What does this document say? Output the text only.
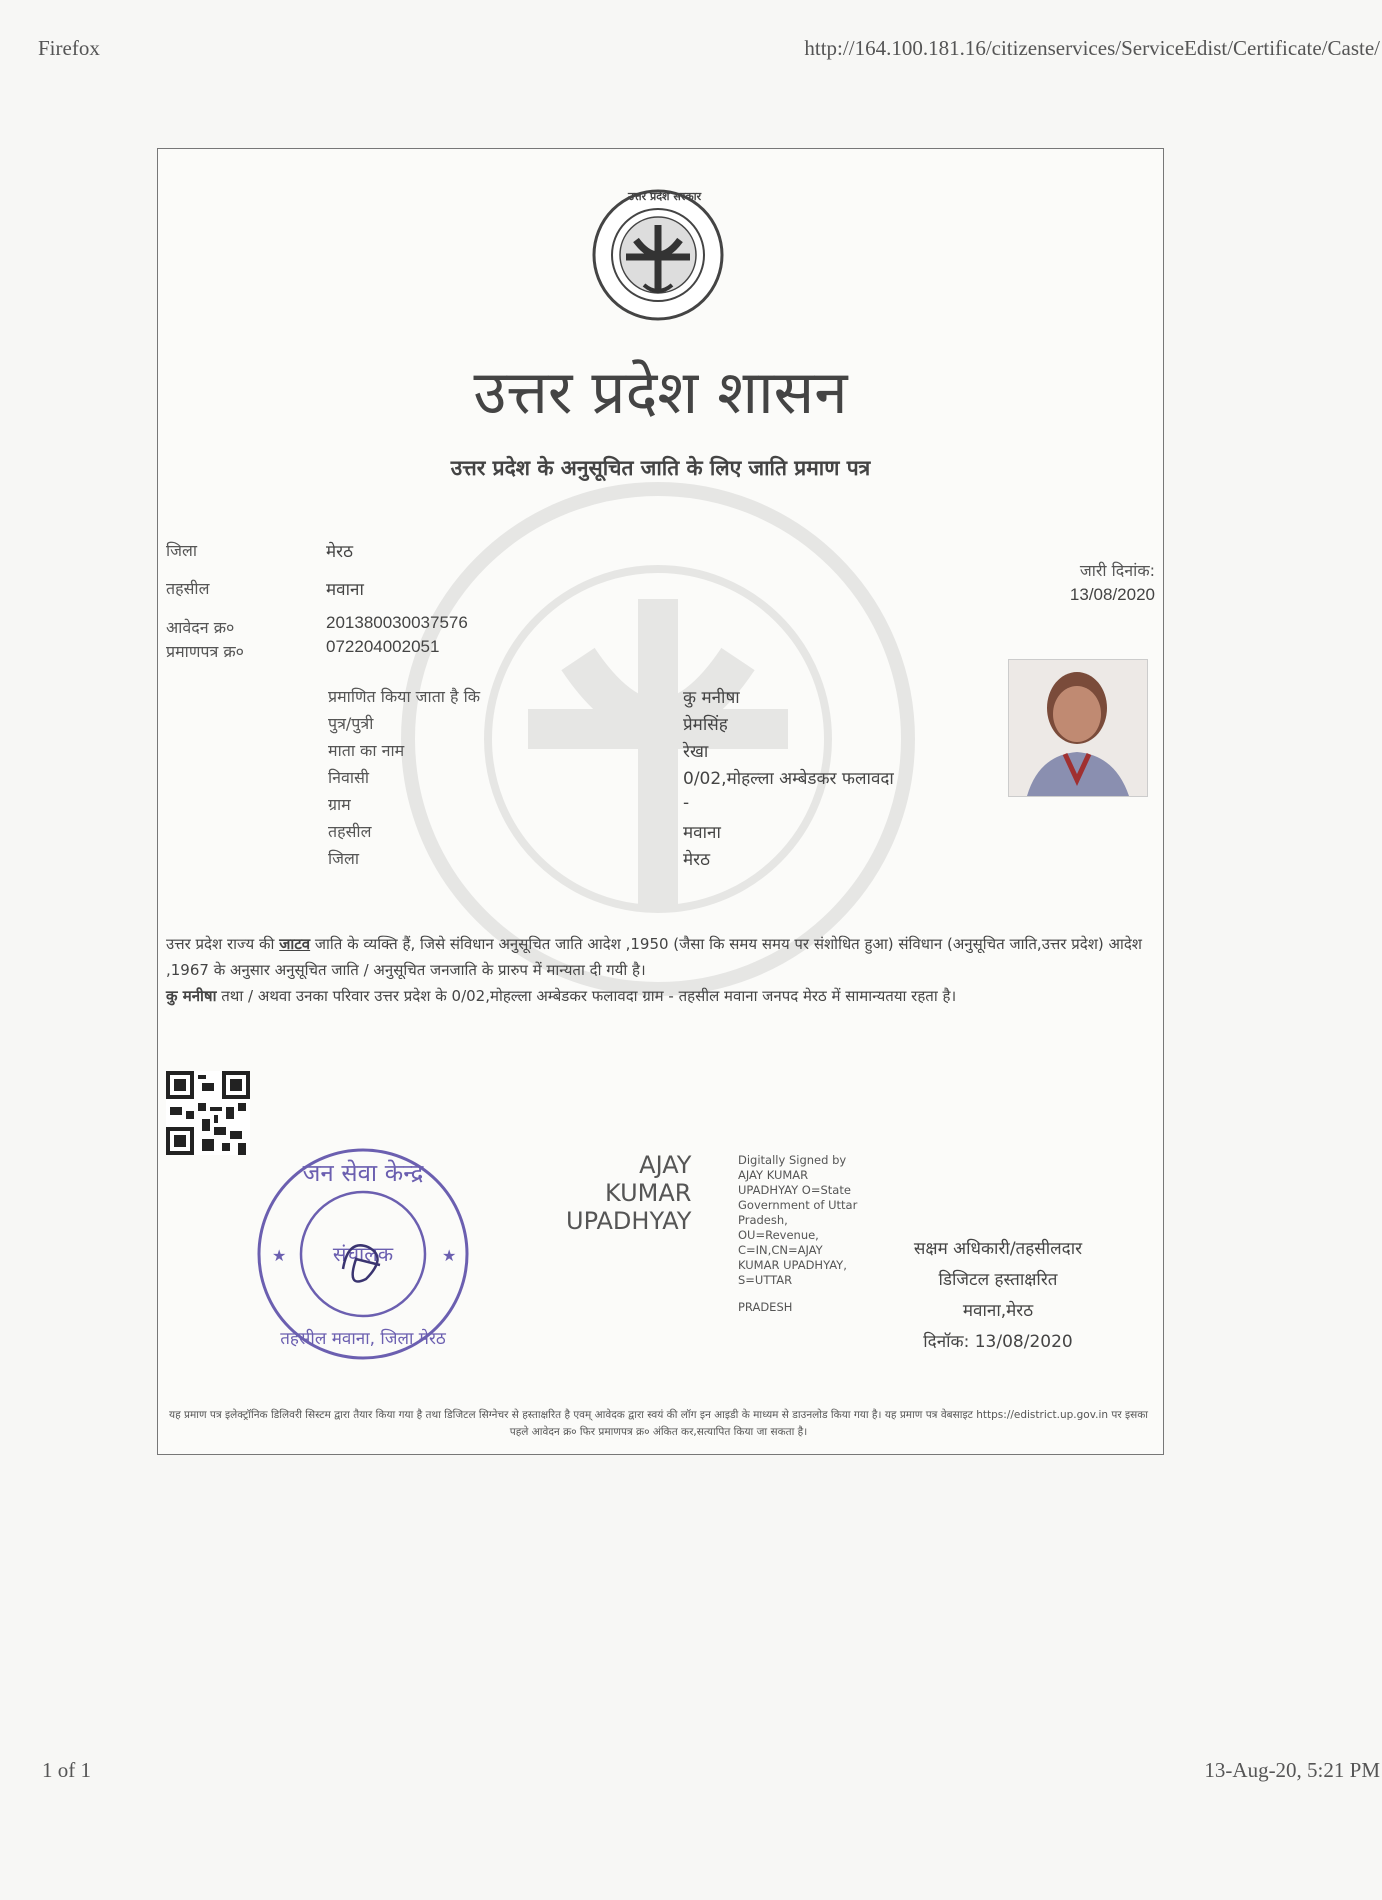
Firefox	http://164.100.181.16/citizenservices/ServiceEdist/Certificate/Caste/
उत्तर प्रदेश सरकार
उत्तर प्रदेश शासन
उत्तर प्रदेश के अनुसूचित जाति के लिए जाति प्रमाण पत्र
जिला	मेरठ
तहसील	मवाना
आवेदन क्र०	201380030037576
प्रमाणपत्र क्र०	072204002051
जारी दिनांक:
13/08/2020
प्रमाणित किया जाता है कि	कु मनीषा
पुत्र/पुत्री	प्रेमसिंह
माता का नाम	रेखा
निवासी	0/02,मोहल्ला अम्बेडकर फलावदा
ग्राम	-
तहसील	मवाना
जिला	मेरठ
उत्तर प्रदेश राज्य की जाटव जाति के व्यक्ति हैं, जिसे संविधान अनुसूचित जाति आदेश ,1950 (जैसा कि समय समय पर संशोधित हुआ) संविधान (अनुसूचित जाति,उत्तर प्रदेश) आदेश ,1967 के अनुसार अनुसूचित जाति / अनुसूचित जनजाति के प्रारुप में मान्यता दी गयी है।
कु मनीषा तथा / अथवा उनका परिवार उत्तर प्रदेश के 0/02,मोहल्ला अम्बेडकर फलावदा ग्राम - तहसील मवाना जनपद मेरठ में सामान्यतया रहता है।
जन सेवा केन्द्र
संचालक
तहसील मवाना, जिला मेरठ
★	★
AJAY
KUMAR
UPADHYAY
Digitally Signed by
AJAY KUMAR
UPADHYAY O=State
Government of Uttar
Pradesh,
OU=Revenue,
C=IN,CN=AJAY
KUMAR UPADHYAY,
S=UTTAR
PRADESH
सक्षम अधिकारी/तहसीलदार
डिजिटल हस्ताक्षरित
मवाना,मेरठ
दिनॉक: 13/08/2020
यह प्रमाण पत्र इलेक्ट्रॉनिक डिलिवरी सिस्टम द्वारा तैयार किया गया है तथा डिजिटल सिग्नेचर से हस्ताक्षरित है एवम् आवेदक द्वारा स्वयं की लॉग इन आइडी के माध्यम से डाउनलोड किया गया है। यह प्रमाण पत्र वेबसाइट https://edistrict.up.gov.in पर इसका पहले आवेदन क्र० फिर प्रमाणपत्र क्र० अंकित कर,सत्यापित किया जा सकता है।
1 of 1	13-Aug-20, 5:21 PM
